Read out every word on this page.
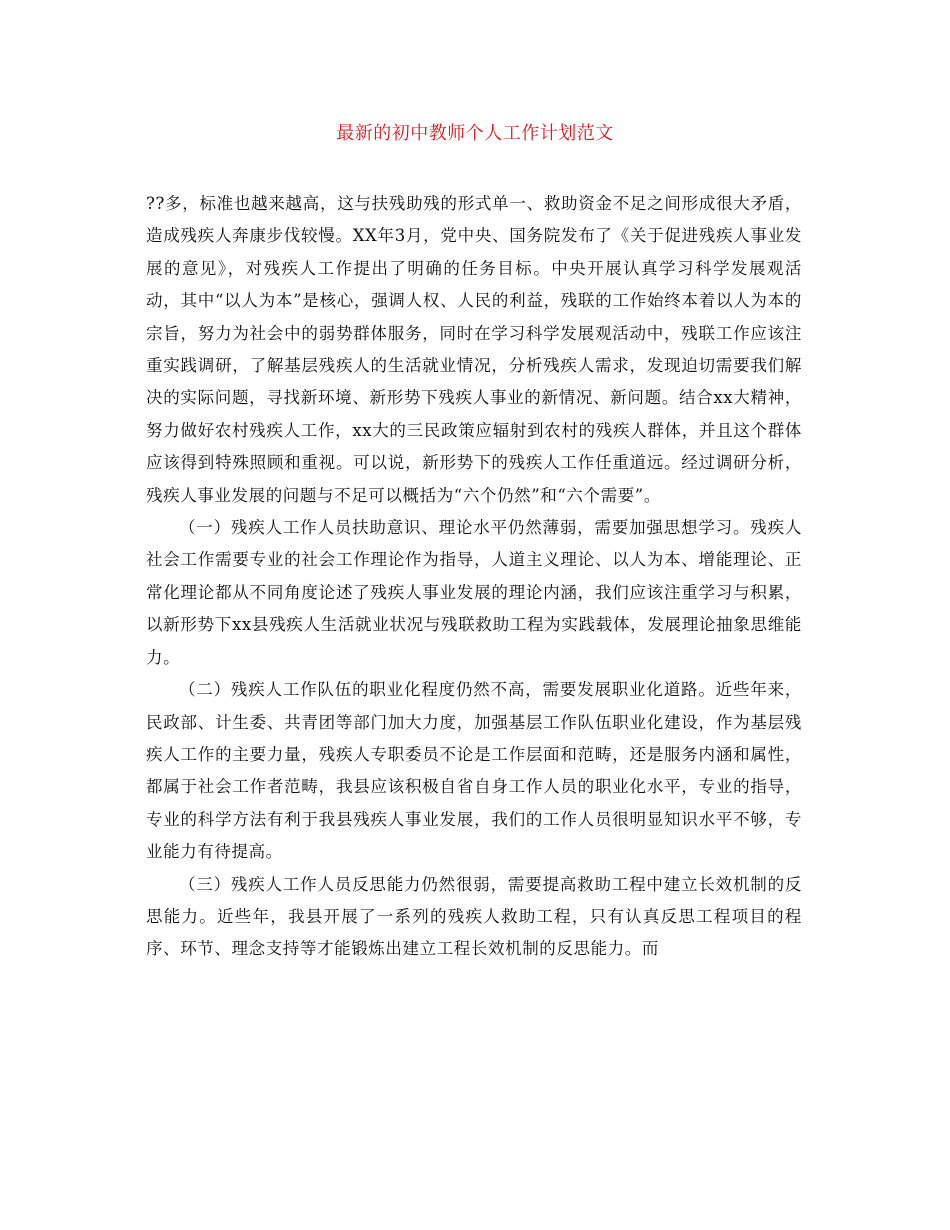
最新的初中教师个人工作计划范文

??多，标准也越来越高，这与扶残助残的形式单一、救助资金不足之间形成很大矛盾，造成残疾人奔康步伐较慢。XX年3月，党中央、国务院发布了《关于促进残疾人事业发展的意见》，对残疾人工作提出了明确的任务目标。中央开展认真学习科学发展观活动，其中“以人为本”是核心，强调人权、人民的利益，残联的工作始终本着以人为本的宗旨，努力为社会中的弱势群体服务，同时在学习科学发展观活动中，残联工作应该注重实践调研，了解基层残疾人的生活就业情况，分析残疾人需求，发现迫切需要我们解决的实际问题，寻找新环境、新形势下残疾人事业的新情况、新问题。结合xx大精神，努力做好农村残疾人工作，xx大的三民政策应辐射到农村的残疾人群体，并且这个群体应该得到特殊照顾和重视。可以说，新形势下的残疾人工作任重道远。经过调研分析，残疾人事业发展的问题与不足可以概括为“六个仍然”和“六个需要”。

（一）残疾人工作人员扶助意识、理论水平仍然薄弱，需要加强思想学习。残疾人社会工作需要专业的社会工作理论作为指导，人道主义理论、以人为本、增能理论、正常化理论都从不同角度论述了残疾人事业发展的理论内涵，我们应该注重学习与积累，以新形势下xx县残疾人生活就业状况与残联救助工程为实践载体，发展理论抽象思维能力。

（二）残疾人工作队伍的职业化程度仍然不高，需要发展职业化道路。近些年来，民政部、计生委、共青团等部门加大力度，加强基层工作队伍职业化建设，作为基层残疾人工作的主要力量，残疾人专职委员不论是工作层面和范畴，还是服务内涵和属性，都属于社会工作者范畴，我县应该积极自省自身工作人员的职业化水平，专业的指导，专业的科学方法有利于我县残疾人事业发展，我们的工作人员很明显知识水平不够，专业能力有待提高。

（三）残疾人工作人员反思能力仍然很弱，需要提高救助工程中建立长效机制的反思能力。近些年，我县开展了一系列的残疾人救助工程，只有认真反思工程项目的程序、环节、理念支持等才能锻炼出建立工程长效机制的反思能力。而
